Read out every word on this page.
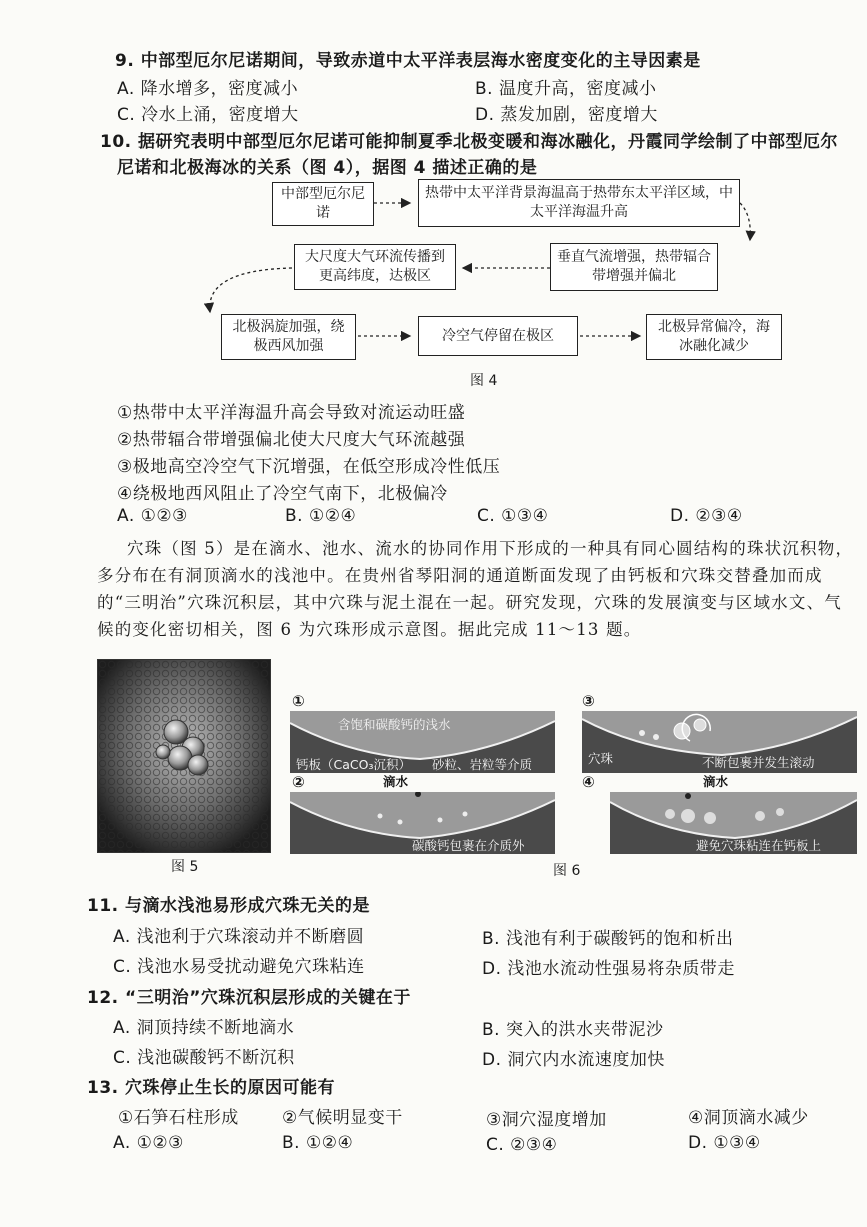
9. 中部型厄尔尼诺期间，导致赤道中太平洋表层海水密度变化的主导因素是
A. 降水增多，密度减小	B. 温度升高，密度减小
C. 冷水上涌，密度增大	D. 蒸发加剧，密度增大
10. 据研究表明中部型厄尔尼诺可能抑制夏季北极变暖和海冰融化，丹霞同学绘制了中部型厄尔
尼诺和北极海冰的关系（图 4），据图 4 描述正确的是
中部型厄尔尼诺
热带中太平洋背景海温高于热带东太平洋区域，中太平洋海温升高
垂直气流增强，热带辐合带增强并偏北
大尺度大气环流传播到更高纬度，达极区
北极涡旋加强，绕极西风加强
冷空气停留在极区
北极异常偏冷，海冰融化减少
图 4
①热带中太平洋海温升高会导致对流运动旺盛
②热带辐合带增强偏北使大尺度大气环流越强
③极地高空冷空气下沉增强，在低空形成冷性低压
④绕极地西风阻止了冷空气南下，北极偏冷
A. ①②③	B. ①②④	C. ①③④	D. ②③④
穴珠（图 5）是在滴水、池水、流水的协同作用下形成的一种具有同心圆结构的珠状沉积物，
多分布在有洞顶滴水的浅池中。在贵州省琴阳洞的通道断面发现了由钙板和穴珠交替叠加而成
的“三明治”穴珠沉积层，其中穴珠与泥土混在一起。研究发现，穴珠的发展演变与区域水文、气
候的变化密切相关，图 6 为穴珠形成示意图。据此完成 11～13 题。
图 5
①
含饱和碳酸钙的浅水
钙板（CaCO₃沉积） 砂粒、岩粒等介质
②	滴水
碳酸钙包裹在介质外
③
穴珠	不断包裹并发生滚动
④	滴水
避免穴珠粘连在钙板上
图 6
11. 与滴水浅池易形成穴珠无关的是
A. 浅池利于穴珠滚动并不断磨圆	B. 浅池有利于碳酸钙的饱和析出
C. 浅池水易受扰动避免穴珠粘连	D. 浅池水流动性强易将杂质带走
12. “三明治”穴珠沉积层形成的关键在于
A. 洞顶持续不断地滴水	B. 突入的洪水夹带泥沙
C. 浅池碳酸钙不断沉积	D. 洞穴内水流速度加快
13. 穴珠停止生长的原因可能有
①石笋石柱形成	②气候明显变干	③洞穴湿度增加	④洞顶滴水减少
A. ①②③	B. ①②④	C. ②③④	D. ①③④
